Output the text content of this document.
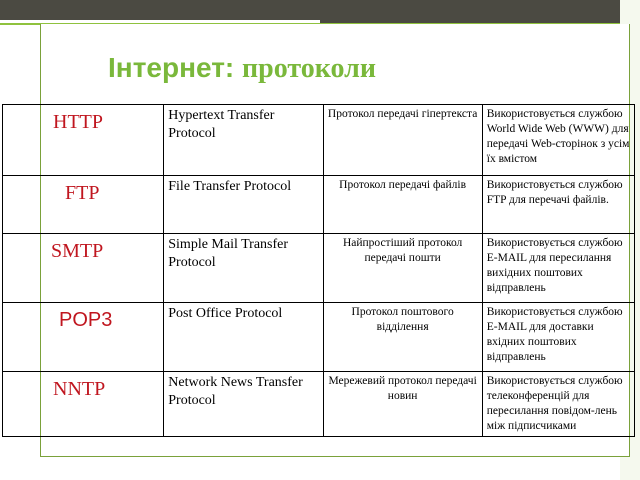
Інтернет: протоколи
HTTP	Hypertext Transfer Protocol	Протокол передачі гіпертекста	Використовується службою World Wide Web (WWW) для передачі Web-сторінок з усім їх вмістом

FTP	File Transfer Protocol	Протокол передачі файлів	Використовується службою FTP для перечачі файлів.

SMTP	Simple Mail Transfer Protocol	Найпростіший протокол передачі пошти	Використовується службою E-MAIL для пересилання вихідних поштових відправлень

POP3	Post Office Protocol	Протокол поштового відділення	Використовується службою E-MAIL для доставки вхідних поштових відправлень

NNTP	Network News Transfer Protocol	Мережевий протокол передачі новин	Використовується службою телеконференцій для пересилання повідом-лень між підписчиками
